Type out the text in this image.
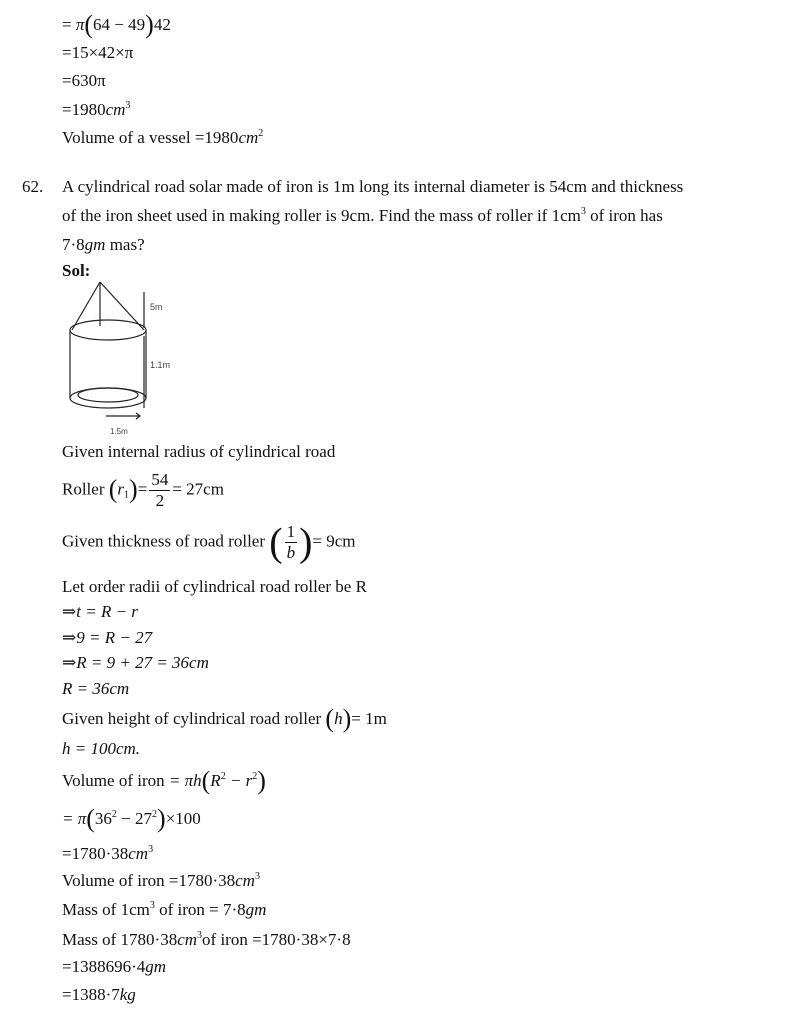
= π(64 − 49)42
=15×42×π
=630π
$=1980cm^3$
Volume of a vessel $=1980cm^2$
62. A cylindrical road solar made of iron is 1m long its internal diameter is 54cm and thickness
of the iron sheet used in making roller is 9cm. Find the mass of roller if $1cm^3$ of iron has
7·8gm mas?
Sol:
5m
1.1m
1.5m
Given internal radius of cylindrical road
Roller $(r_1)= \frac{54}{2} = 27cm$
Given thickness of road roller ( $\frac{1}{b}$ )= 9cm
Let order radii of cylindrical road roller be R
⇒t = R − r
⇒9 = R − 27
⇒R = 9 + 27 = 36cm
R = 36cm
Given height of cylindrical road roller (h)= 1m
h = 100cm.
Volume of iron = $\pi h(R^2 - r^2)$
= $\pi(36^2 - 27^2)\times 100$
$=1780\cdot 38cm^3$
Volume of iron $=1780\cdot 38cm^3$
Mass of $1cm^3$ of iron = 7·8gm
Mass of $1780\cdot 38cm^3of$ iron =1780·38×7·8
=1388696·4gm
=1388·7kg
